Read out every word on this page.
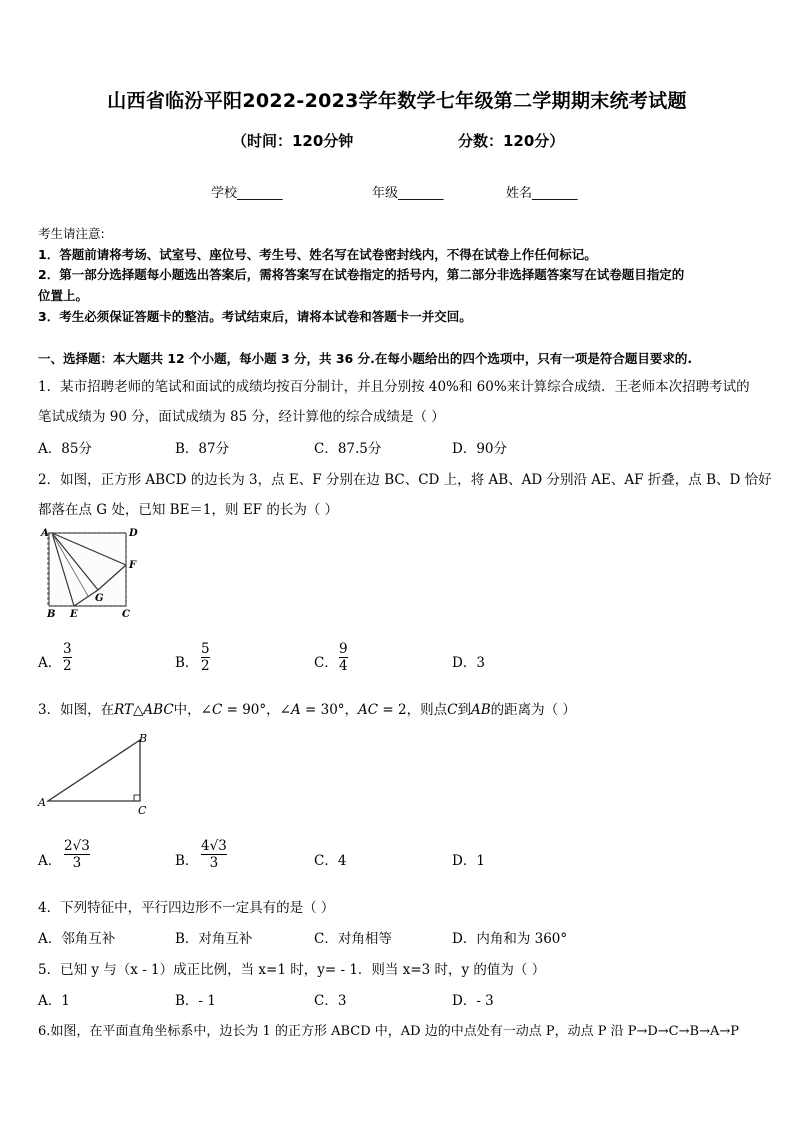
山西省临汾平阳2022-2023学年数学七年级第二学期期末统考试题
（时间：120分钟	分数：120分）
学校_______	年级_______	姓名_______
考生请注意:
1．答题前请将考场、试室号、座位号、考生号、姓名写在试卷密封线内，不得在试卷上作任何标记。
2．第一部分选择题每小题选出答案后，需将答案写在试卷指定的括号内，第二部分非选择题答案写在试卷题目指定的
位置上。
3．考生必须保证答题卡的整洁。考试结束后，请将本试卷和答题卡一并交回。
一、选择题：本大题共 12 个小题，每小题 3 分，共 36 分.在每小题给出的四个选项中，只有一项是符合题目要求的.
1．某市招聘老师的笔试和面试的成绩均按百分制计，并且分别按 40%和 60%来计算综合成绩．王老师本次招聘考试的
笔试成绩为 90 分，面试成绩为 85 分，经计算他的综合成绩是（ ）
A．85分	B．87分	C．87.5分	D．90分
2．如图，正方形 ABCD 的边长为 3，点 E、F 分别在边 BC、CD 上，将 AB、AD 分别沿 AE、AF 折叠，点 B、D 恰好
都落在点 G 处，已知 BE＝1，则 EF 的长为（ ）
A	D
F
G
B E	C
A．
3
2	B．
5
2	C．
9
4	D．3
3．如图，在RT△ABC中，∠C = 90°，∠A = 30°，AC = 2，则点C到AB的距离为（ ）
A
B
C
A．
2√3
3	B．
4√3
3	C．4	D．1
4．下列特征中，平行四边形不一定具有的是（ ）
A．邻角互补	B．对角互补	C．对角相等	D．内角和为 360°
5．已知 y 与（x - 1）成正比例，当 x=1 时，y= - 1．则当 x=3 时，y 的值为（ ）
A．1	B．- 1	C．3	D．- 3
6.如图，在平面直角坐标系中，边长为 1 的正方形 ABCD 中，AD 边的中点处有一动点 P，动点 P 沿 P→D→C→B→A→P
